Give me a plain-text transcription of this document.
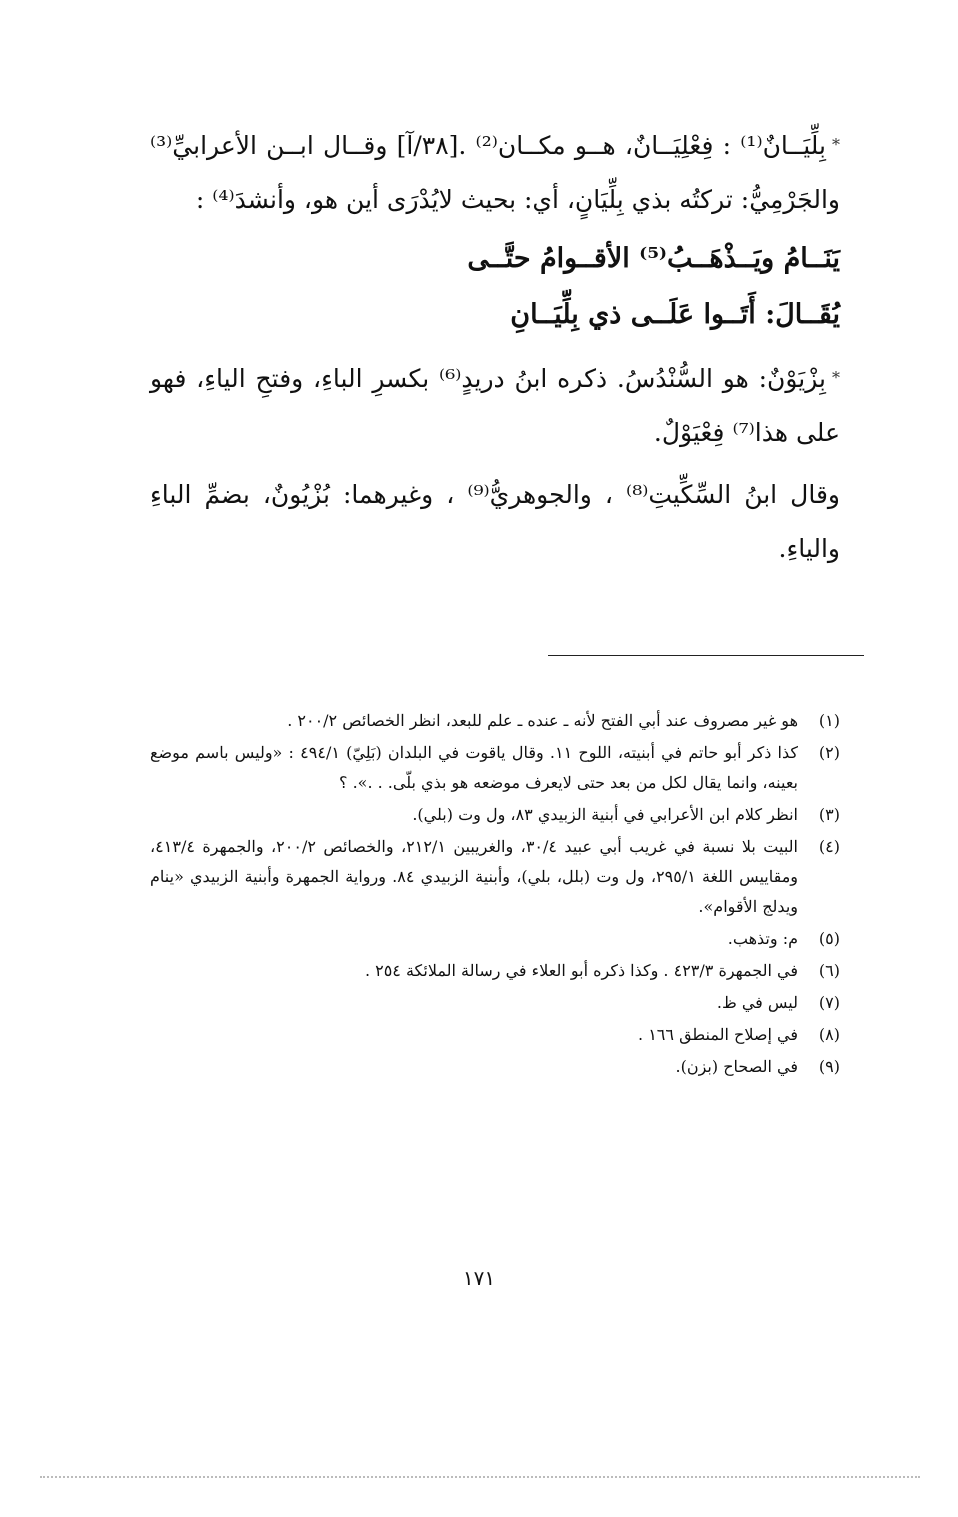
*بِلِّيَــانٌ⁽¹⁾ : فِعْلِيَــانٌ، هــو مكــان⁽²⁾ .[٣٨/آ] وقــال ابــن الأعرابيِّ⁽³⁾ والجَرْمِيُّ: تركتُه بذي بِلِّيَانٍ، أي: بحيث لايُدْرَى أين هو، وأنشدَ⁽⁴⁾ :

يَنَــامُ ويَــذْهَــبُ⁽⁵⁾ الأقــوامُ حتَّــى
يُقَــالَ: أَتَــوا عَلَــى ذي بِلِّيَــانِ

*بِزْيَوْنٌ: هو السُّنْدُسُ. ذكره ابنُ دريدٍ⁽⁶⁾ بكسرِ الباءِ، وفتحِ الياءِ، فهو على هذا⁽⁷⁾ فِعْيَوْلٌ.

وقال ابنُ السِّكِّيتِ⁽⁸⁾ ، والجوهريُّ⁽⁹⁾ ، وغيرهما: بُزْيُونٌ، بضمِّ الباءِ والياءِ.

(١)
هو غير مصروف عند أبي الفتح لأنه ـ عنده ـ علم للبعد، انظر الخصائص ٢٠٠/٢ .
(٢)
كذا ذكر أبو حاتم في أبنيته، اللوح ١١. وقال ياقوت في البلدان (بَلِيّ) ٤٩٤/١ : «وليس باسم موضع بعينه، وانما يقال لكل من بعد حتى لايعرف موضعه هو بذي بلّى. . .». ؟
(٣)
انظر كلام ابن الأعرابي في أبنية الزبيدي ٨٣، ول وت (بلي).
(٤)
البيت بلا نسبة في غريب أبي عبيد ٣٠/٤، والغريبين ٢١٢/١، والخصائص ٢٠٠/٢، والجمهرة ٤١٣/٤، ومقاييس اللغة ٢٩٥/١، ول وت (بلل، بلي)، وأبنية الزبيدي ٨٤. ورواية الجمهرة وأبنية الزبيدي «ينام ويدلج الأقوام».
(٥)
م: وتذهب.
(٦)
في الجمهرة ٤٢٣/٣ . وكذا ذكره أبو العلاء في رسالة الملائكة ٢٥٤ .
(٧)
ليس في ظ.
(٨)
في إصلاح المنطق ١٦٦ .
(٩)
في الصحاح (بزن).
١٧١
